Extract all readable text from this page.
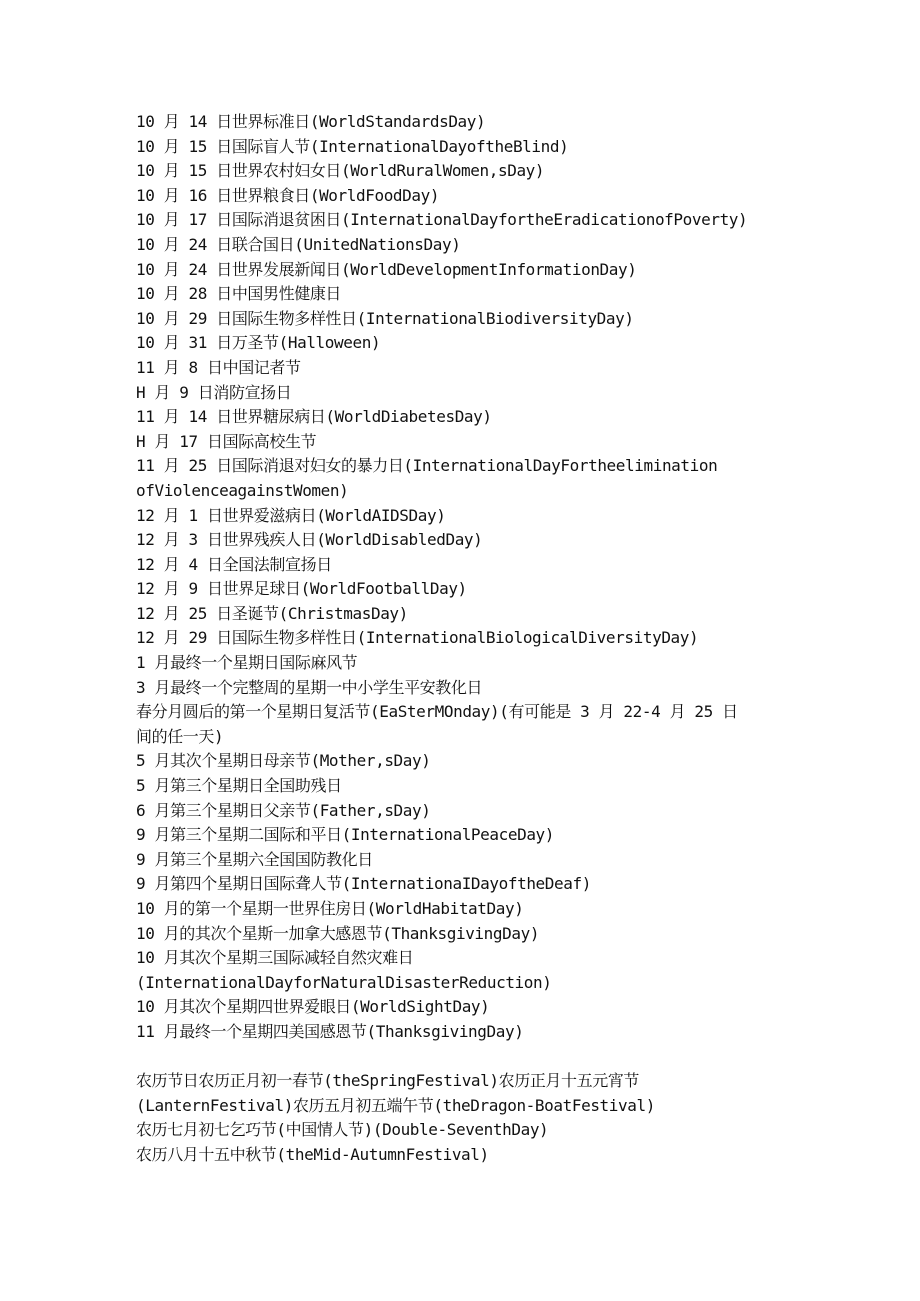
10 月 14 日世界标准日(WorldStandardsDay)
10 月 15 日国际盲人节(InternationalDayoftheBlind)
10 月 15 日世界农村妇女日(WorldRuralWomen,sDay)
10 月 16 日世界粮食日(WorldFoodDay)
10 月 17 日国际消退贫困日(InternationalDayfortheEradicationofPoverty)
10 月 24 日联合国日(UnitedNationsDay)
10 月 24 日世界发展新闻日(WorldDevelopmentInformationDay)
10 月 28 日中国男性健康日
10 月 29 日国际生物多样性日(InternationalBiodiversityDay)
10 月 31 日万圣节(Halloween)
11 月 8 日中国记者节
H 月 9 日消防宣扬日
11 月 14 日世界糖尿病日(WorldDiabetesDay)
H 月 17 日国际高校生节
11 月 25 日国际消退对妇女的暴力日(InternationalDayFortheelimination
ofViolenceagainstWomen)
12 月 1 日世界爱滋病日(WorldAIDSDay)
12 月 3 日世界残疾人日(WorldDisabledDay)
12 月 4 日全国法制宣扬日
12 月 9 日世界足球日(WorldFootballDay)
12 月 25 日圣诞节(ChristmasDay)
12 月 29 日国际生物多样性日(InternationalBiologicalDiversityDay)
1 月最终一个星期日国际麻风节
3 月最终一个完整周的星期一中小学生平安教化日
春分月圆后的第一个星期日复活节(EaSterMOnday)(有可能是 3 月 22-4 月 25 日
间的任一天)
5 月其次个星期日母亲节(Mother,sDay)
5 月第三个星期日全国助残日
6 月第三个星期日父亲节(Father,sDay)
9 月第三个星期二国际和平日(InternationalPeaceDay)
9 月第三个星期六全国国防教化日
9 月第四个星期日国际聋人节(InternationaIDayoftheDeaf)
10 月的第一个星期一世界住房日(WorldHabitatDay)
10 月的其次个星斯一加拿大感恩节(ThanksgivingDay)
10 月其次个星期三国际减轻自然灾难日
(InternationalDayforNaturalDisasterReduction)
10 月其次个星期四世界爱眼日(WorldSightDay)
11 月最终一个星期四美国感恩节(ThanksgivingDay)
农历节日农历正月初一春节(theSpringFestival)农历正月十五元宵节
(LanternFestival)农历五月初五端午节(theDragon-BoatFestival)
农历七月初七乞巧节(中国情人节)(Double-SeventhDay)
农历八月十五中秋节(theMid-AutumnFestival)
